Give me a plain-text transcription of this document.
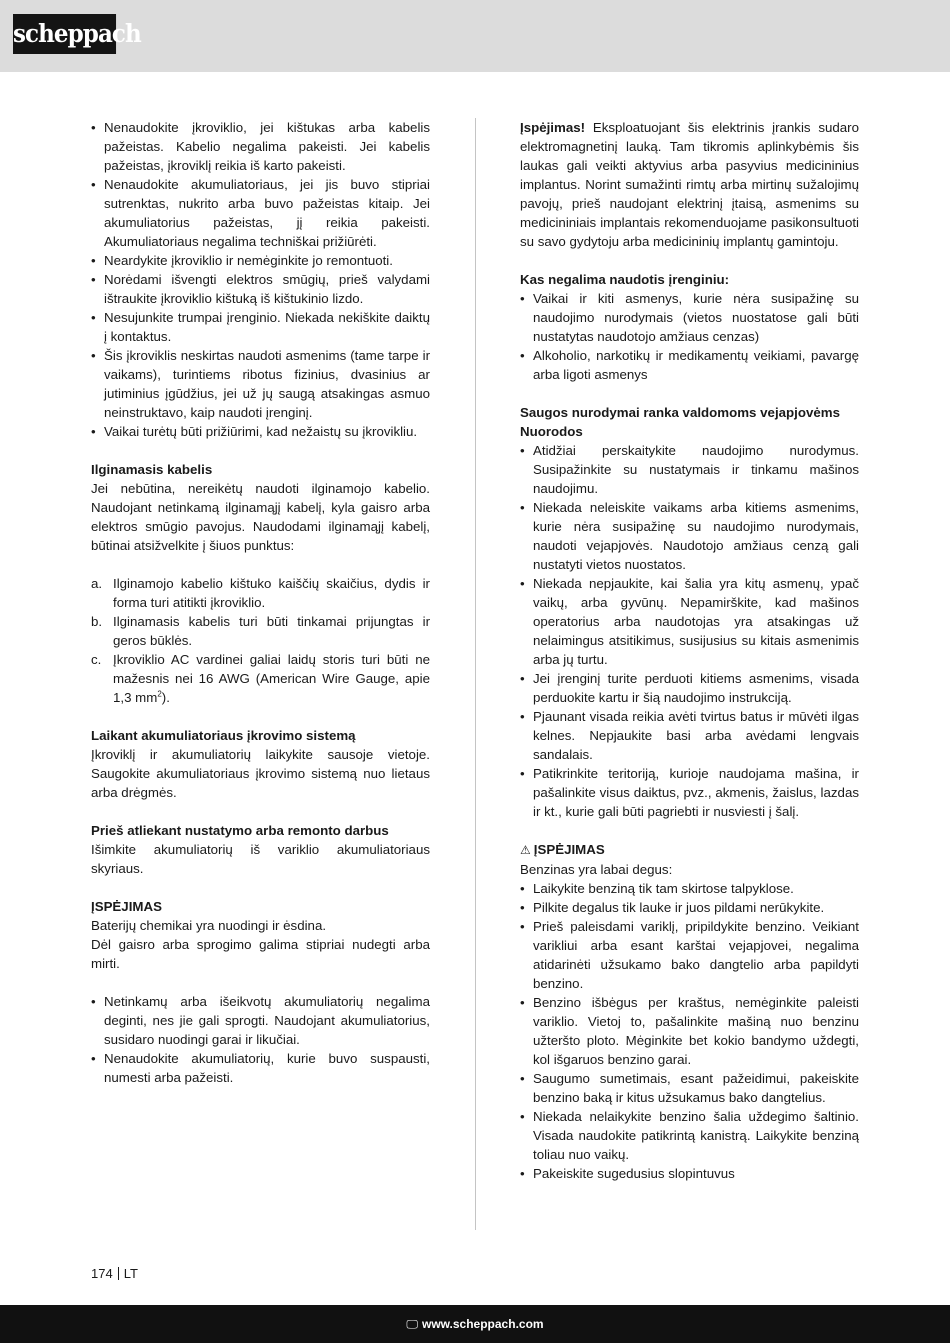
scheppach
• Nenaudokite įkroviklio, jei kištukas arba kabelis pažeistas. Kabelio negalima pakeisti. Jei kabelis pažeistas, įkroviklį reikia iš karto pakeisti.
• Nenaudokite akumuliatoriaus, jei jis buvo stipriai sutrenktas, nukrito arba buvo pažeistas kitaip. Jei akumuliatorius pažeistas, jį reikia pakeisti. Akumuliatoriaus negalima techniškai prižiūrėti.
• Neardykite įkroviklio ir nemėginkite jo remontuoti.
• Norėdami išvengti elektros smūgių, prieš valydami ištraukite įkroviklio kištuką iš kištukinio lizdo.
• Nesujunkite trumpai įrenginio. Niekada nekiškite daiktų į kontaktus.
• Šis įkroviklis neskirtas naudoti asmenims (tame tarpe ir vaikams), turintiems ribotus fizinius, dvasinius ar jutiminius įgūdžius, jei už jų saugą atsakingas asmuo neinstruktavo, kaip naudoti įrenginį.
• Vaikai turėtų būti prižiūrimi, kad nežaistų su įkrovikliu.

Ilginamasis kabelis

Jei nebūtina, nereikėtų naudoti ilginamojo kabelio. Naudojant netinkamą ilginamąjį kabelį, kyla gaisro arba elektros smūgio pavojus. Naudodami ilginamąjį kabelį, būtinai atsižvelkite į šiuos punktus:

a. Ilginamojo kabelio kištuko kaiščių skaičius, dydis ir forma turi atitikti įkroviklio.
b. Ilginamasis kabelis turi būti tinkamai prijungtas ir geros būklės.
c. Įkroviklio AC vardinei galiai laidų storis turi būti ne mažesnis nei 16 AWG (American Wire Gauge, apie 1,3 $mm^2$).

Laikant akumuliatoriaus įkrovimo sistemą

Įkroviklį ir akumuliatorių laikykite sausoje vietoje. Saugokite akumuliatoriaus įkrovimo sistemą nuo lietaus arba drėgmės.

Prieš atliekant nustatymo arba remonto darbus

Išimkite akumuliatorių iš variklio akumuliatoriaus skyriaus.

ĮSPĖJIMAS

Baterijų chemikai yra nuodingi ir ėsdina.

Dėl gaisro arba sprogimo galima stipriai nudegti arba mirti.

• Netinkamų arba išeikvotų akumuliatorių negalima deginti, nes jie gali sprogti. Naudojant akumuliatorius, susidaro nuodingi garai ir likučiai.
• Nenaudokite akumuliatorių, kurie buvo suspausti, numesti arba pažeisti.

Įspėjimas! Eksploatuojant šis elektrinis įrankis sudaro elektromagnetinį lauką. Tam tikromis aplinkybėmis šis laukas gali veikti aktyvius arba pasyvius medicininius implantus. Norint sumažinti rimtų arba mirtinų sužalojimų pavojų, prieš naudojant elektrinį įtaisą, asmenims su medicininiais implantais rekomenduojame pasikonsultuoti su savo gydytoju arba medicininių implantų gamintoju.

Kas negalima naudotis įrenginiu:

• Vaikai ir kiti asmenys, kurie nėra susipažinę su naudojimo nurodymais (vietos nuostatose gali būti nustatytas naudotojo amžiaus cenzas)
• Alkoholio, narkotikų ir medikamentų veikiami, pavargę arba ligoti asmenys

Saugos nurodymai ranka valdomoms vejapjovėms

Nuorodos

• Atidžiai perskaitykite naudojimo nurodymus. Susipažinkite su nustatymais ir tinkamu mašinos naudojimu.
• Niekada neleiskite vaikams arba kitiems asmenims, kurie nėra susipažinę su naudojimo nurodymais, naudoti vejapjovės. Naudotojo amžiaus cenzą gali nustatyti vietos nuostatos.
• Niekada nepjaukite, kai šalia yra kitų asmenų, ypač vaikų, arba gyvūnų. Nepamirškite, kad mašinos operatorius arba naudotojas yra atsakingas už nelaimingus atsitikimus, susijusius su kitais asmenimis arba jų turtu.
• Jei įrenginį turite perduoti kitiems asmenims, visada perduokite kartu ir šią naudojimo instrukciją.
• Pjaunant visada reikia avėti tvirtus batus ir mūvėti ilgas kelnes. Nepjaukite basi arba avėdami lengvais sandalais.
• Patikrinkite teritoriją, kurioje naudojama mašina, ir pašalinkite visus daiktus, pvz., akmenis, žaislus, lazdas ir kt., kurie gali būti pagriebti ir nusviesti į šalį.

⚠ ĮSPĖJIMAS

Benzinas yra labai degus:

• Laikykite benziną tik tam skirtose talpyklose.
• Pilkite degalus tik lauke ir juos pildami nerūkykite.
• Prieš paleisdami variklį, pripildykite benzino. Veikiant varikliui arba esant karštai vejapjovei, negalima atidarinėti užsukamo bako dangtelio arba papildyti benzino.
• Benzino išbėgus per kraštus, nemėginkite paleisti variklio. Vietoj to, pašalinkite mašiną nuo benzinu užteršto ploto. Mėginkite bet kokio bandymo uždegti, kol išgaruos benzino garai.
• Saugumo sumetimais, esant pažeidimui, pakeiskite benzino baką ir kitus užsukamus bako dangtelius.
• Niekada nelaikykite benzino šalia uždegimo šaltinio. Visada naudokite patikrintą kanistrą. Laikykite benziną toliau nuo vaikų.
• Pakeiskite sugedusius slopintuvus
174 LT
🖵 www.scheppach.com
